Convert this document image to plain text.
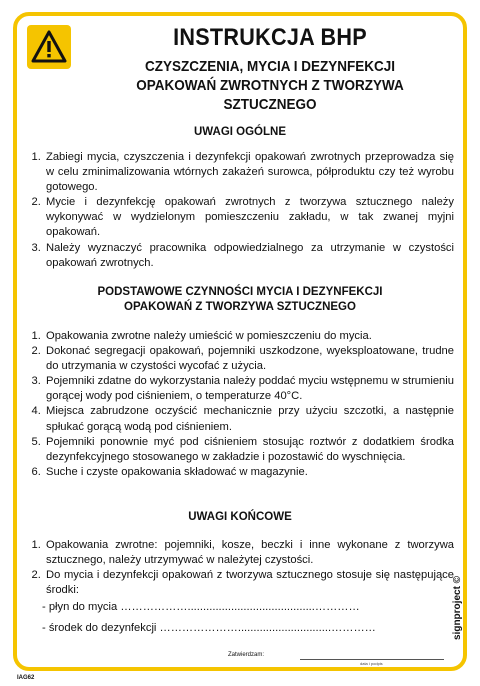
INSTRUKCJA BHP
CZYSZCZENIA, MYCIA I DEZYNFEKCJI
OPAKOWAŃ ZWROTNYCH Z TWORZYWA SZTUCZNEGO
UWAGI OGÓLNE
1. Zabiegi mycia, czyszczenia i dezynfekcji opakowań zwrotnych przeprowadza się w celu zminimalizowania wtórnych zakażeń surowca, półproduktu czy też wyrobu gotowego.
2. Mycie i dezynfekcję opakowań zwrotnych z tworzywa sztucznego należy wykonywać w wydzielonym pomieszczeniu zakładu, w tak zwanej myjni opakowań.
3. Należy wyznaczyć pracownika odpowiedzialnego za utrzymanie w czystości opakowań zwrotnych.
PODSTAWOWE CZYNNOŚCI MYCIA I DEZYNFEKCJI
OPAKOWAŃ Z TWORZYWA SZTUCZNEGO
1. Opakowania zwrotne należy umieścić w pomieszczeniu do mycia.
2. Dokonać segregacji opakowań, pojemniki uszkodzone, wyeksploatowane, trudne do utrzymania w czystości wycofać z użycia.
3. Pojemniki zdatne do wykorzystania należy poddać myciu wstępnemu w strumieniu gorącej wody pod ciśnieniem, o temperaturze 40°C.
4. Miejsca zabrudzone oczyścić mechanicznie przy użyciu szczotki, a następnie spłukać gorącą wodą pod ciśnieniem.
5. Pojemniki ponownie myć pod ciśnieniem stosując roztwór z dodatkiem środka dezynfekcyjnego stosowanego w zakładzie i pozostawić do wyschnięcia.
6. Suche i czyste opakowania składować w magazynie.
UWAGI KOŃCOWE
1. Opakowania zwrotne: pojemniki, kosze, beczki i inne wykonane z tworzywa sztucznego, należy utrzymywać w należytej czystości.
2. Do mycia i dezynfekcji opakowań z tworzywa sztucznego stosuje się następujące środki:
- płyn do mycia ……………….........................................…………
- środek do dezynfekcji …………………..............................…………
Zatwierdzam:
data i podpis
IAG62
signproject ©
